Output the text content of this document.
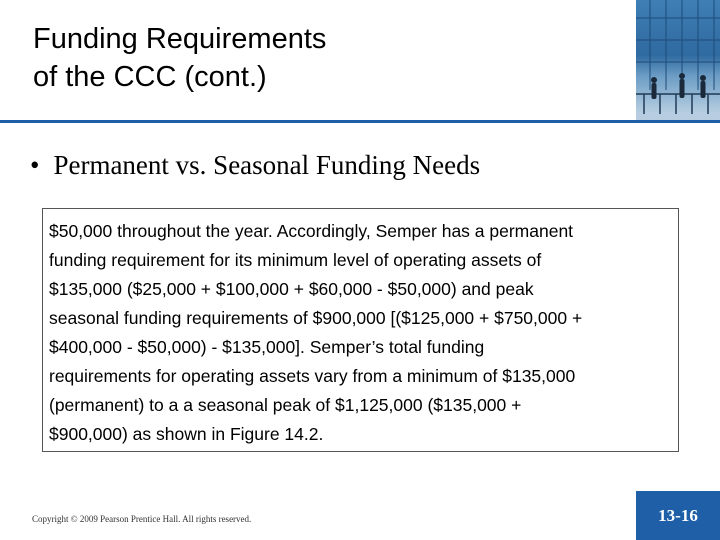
Funding Requirements
of the CCC (cont.)
• Permanent vs. Seasonal Funding Needs
$50,000 throughout the year. Accordingly, Semper has a permanent
funding requirement for its minimum level of operating assets of
$135,000 ($25,000 + $100,000 + $60,000 - $50,000) and peak
seasonal funding requirements of $900,000 [($125,000 + $750,000 +
$400,000 - $50,000) - $135,000]. Semper’s total funding
requirements for operating assets vary from a minimum of $135,000
(permanent) to a a seasonal peak of $1,125,000 ($135,000 +
$900,000) as shown in Figure 14.2.
Copyright © 2009 Pearson Prentice Hall. All rights reserved.	13-16
